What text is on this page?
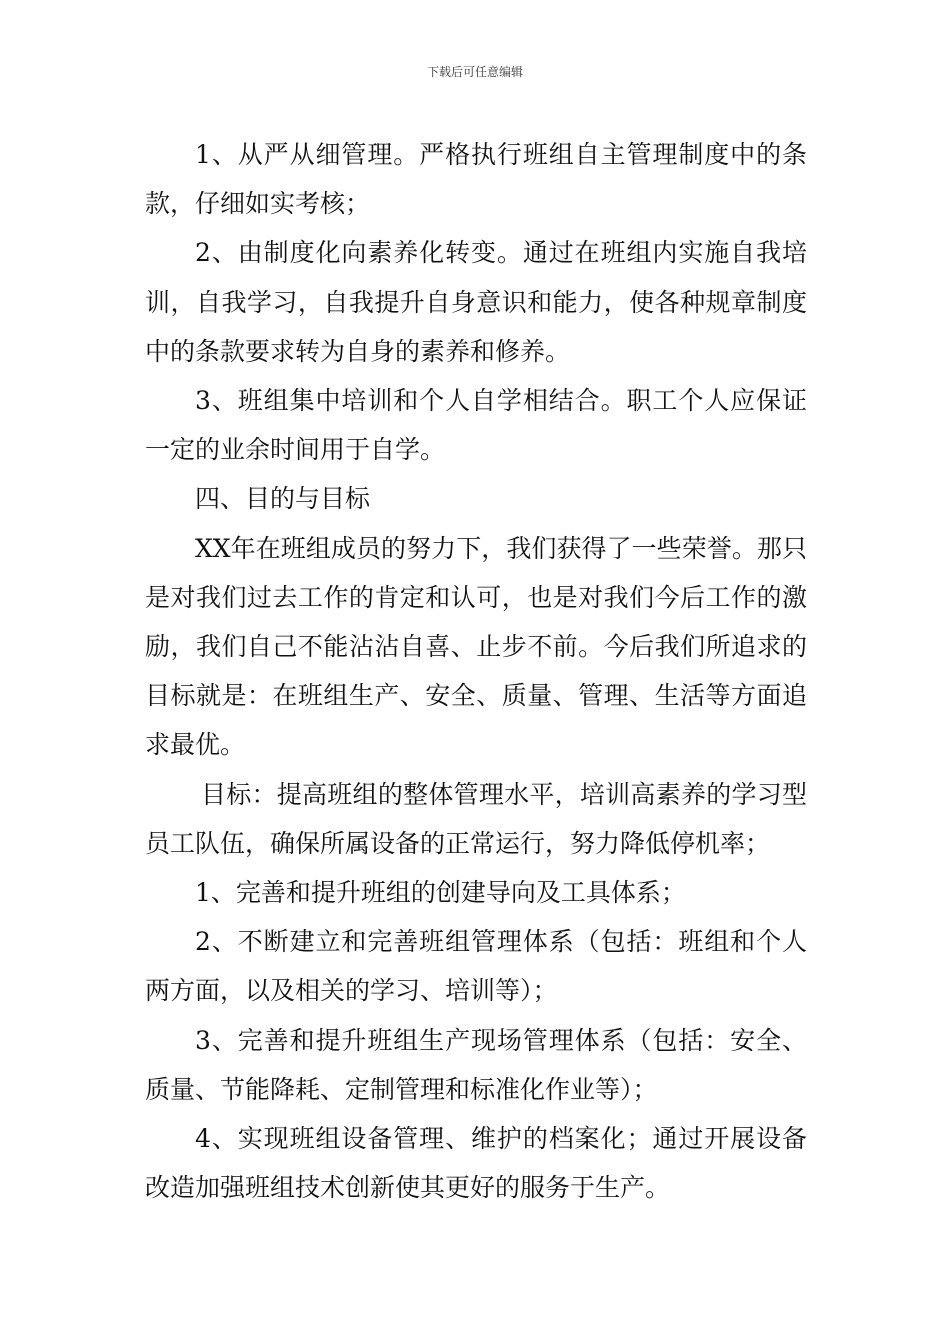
下载后可任意编辑

1、从严从细管理。严格执行班组自主管理制度中的条款，仔细如实考核；

2、由制度化向素养化转变。通过在班组内实施自我培训，自我学习，自我提升自身意识和能力，使各种规章制度中的条款要求转为自身的素养和修养。

3、班组集中培训和个人自学相结合。职工个人应保证一定的业余时间用于自学。

四、目的与目标

XX年在班组成员的努力下，我们获得了一些荣誉。那只是对我们过去工作的肯定和认可，也是对我们今后工作的激励，我们自己不能沾沾自喜、止步不前。今后我们所追求的目标就是：在班组生产、安全、质量、管理、生活等方面追求最优。

目标：提高班组的整体管理水平，培训高素养的学习型员工队伍，确保所属设备的正常运行，努力降低停机率；

1、完善和提升班组的创建导向及工具体系；

2、不断建立和完善班组管理体系（包括：班组和个人两方面，以及相关的学习、培训等）；

3、完善和提升班组生产现场管理体系（包括：安全、质量、节能降耗、定制管理和标准化作业等）；

4、实现班组设备管理、维护的档案化；通过开展设备改造加强班组技术创新使其更好的服务于生产。
